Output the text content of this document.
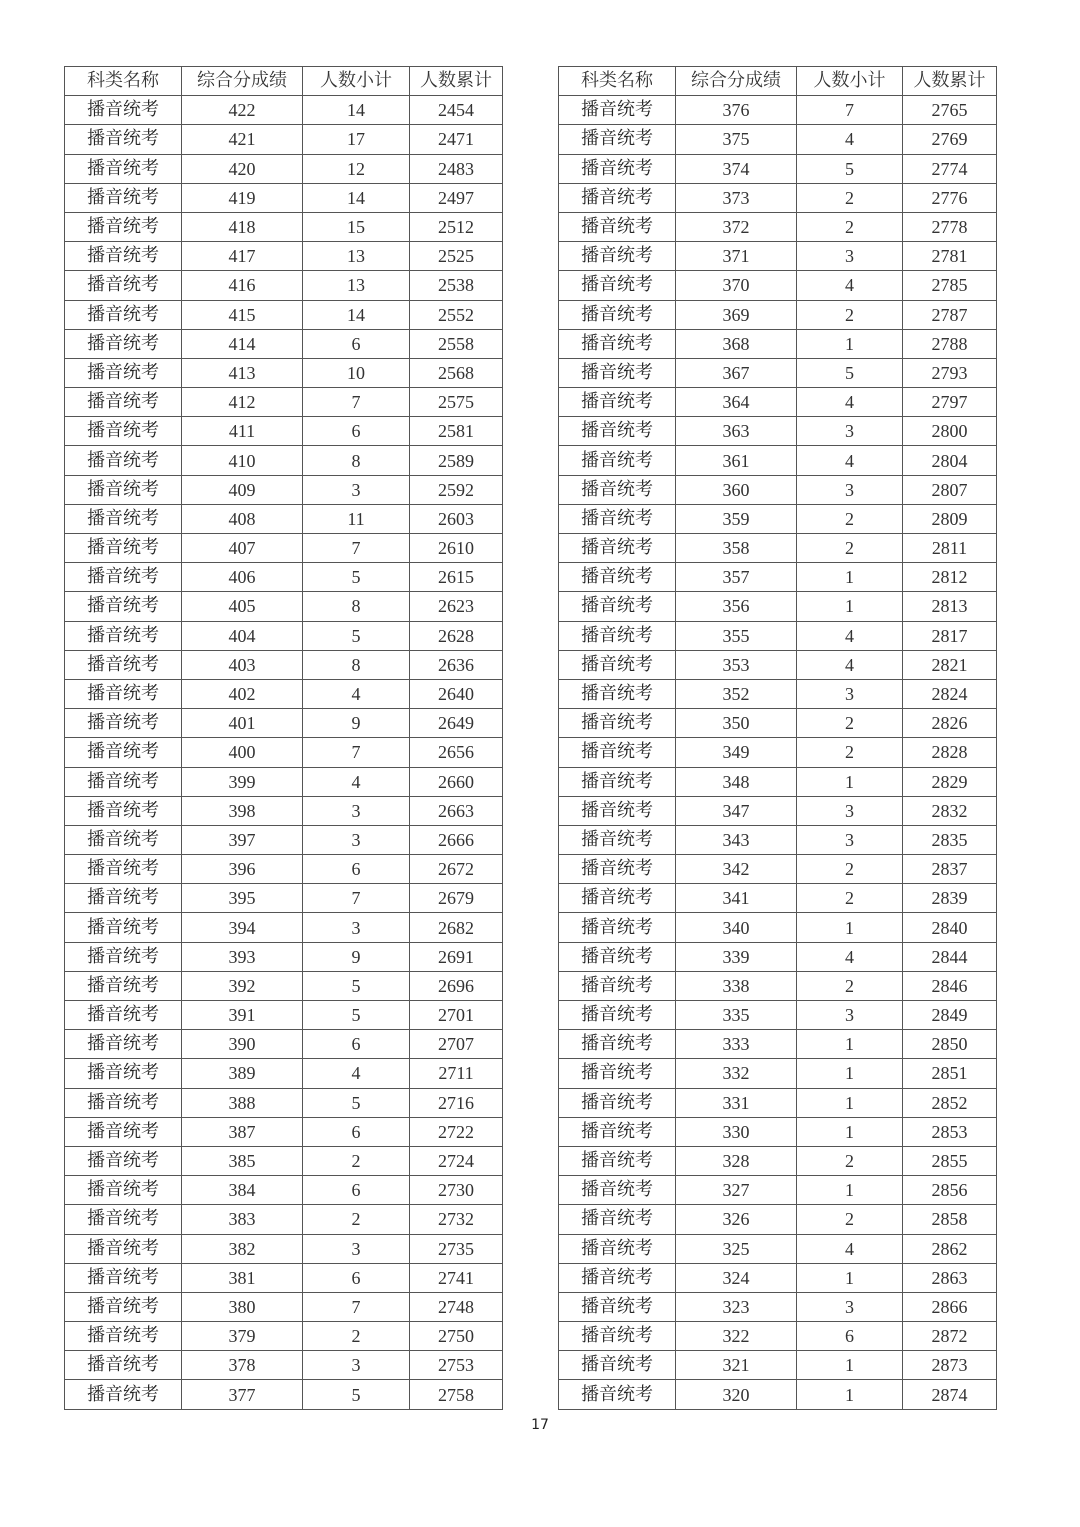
科类名称	综合分成绩	人数小计	人数累计
播音统考	422	14	2454
播音统考	421	17	2471
播音统考	420	12	2483
播音统考	419	14	2497
播音统考	418	15	2512
播音统考	417	13	2525
播音统考	416	13	2538
播音统考	415	14	2552
播音统考	414	6	2558
播音统考	413	10	2568
播音统考	412	7	2575
播音统考	411	6	2581
播音统考	410	8	2589
播音统考	409	3	2592
播音统考	408	11	2603
播音统考	407	7	2610
播音统考	406	5	2615
播音统考	405	8	2623
播音统考	404	5	2628
播音统考	403	8	2636
播音统考	402	4	2640
播音统考	401	9	2649
播音统考	400	7	2656
播音统考	399	4	2660
播音统考	398	3	2663
播音统考	397	3	2666
播音统考	396	6	2672
播音统考	395	7	2679
播音统考	394	3	2682
播音统考	393	9	2691
播音统考	392	5	2696
播音统考	391	5	2701
播音统考	390	6	2707
播音统考	389	4	2711
播音统考	388	5	2716
播音统考	387	6	2722
播音统考	385	2	2724
播音统考	384	6	2730
播音统考	383	2	2732
播音统考	382	3	2735
播音统考	381	6	2741
播音统考	380	7	2748
播音统考	379	2	2750
播音统考	378	3	2753
播音统考	377	5	2758
科类名称	综合分成绩	人数小计	人数累计
播音统考	376	7	2765
播音统考	375	4	2769
播音统考	374	5	2774
播音统考	373	2	2776
播音统考	372	2	2778
播音统考	371	3	2781
播音统考	370	4	2785
播音统考	369	2	2787
播音统考	368	1	2788
播音统考	367	5	2793
播音统考	364	4	2797
播音统考	363	3	2800
播音统考	361	4	2804
播音统考	360	3	2807
播音统考	359	2	2809
播音统考	358	2	2811
播音统考	357	1	2812
播音统考	356	1	2813
播音统考	355	4	2817
播音统考	353	4	2821
播音统考	352	3	2824
播音统考	350	2	2826
播音统考	349	2	2828
播音统考	348	1	2829
播音统考	347	3	2832
播音统考	343	3	2835
播音统考	342	2	2837
播音统考	341	2	2839
播音统考	340	1	2840
播音统考	339	4	2844
播音统考	338	2	2846
播音统考	335	3	2849
播音统考	333	1	2850
播音统考	332	1	2851
播音统考	331	1	2852
播音统考	330	1	2853
播音统考	328	2	2855
播音统考	327	1	2856
播音统考	326	2	2858
播音统考	325	4	2862
播音统考	324	1	2863
播音统考	323	3	2866
播音统考	322	6	2872
播音统考	321	1	2873
播音统考	320	1	2874
17
